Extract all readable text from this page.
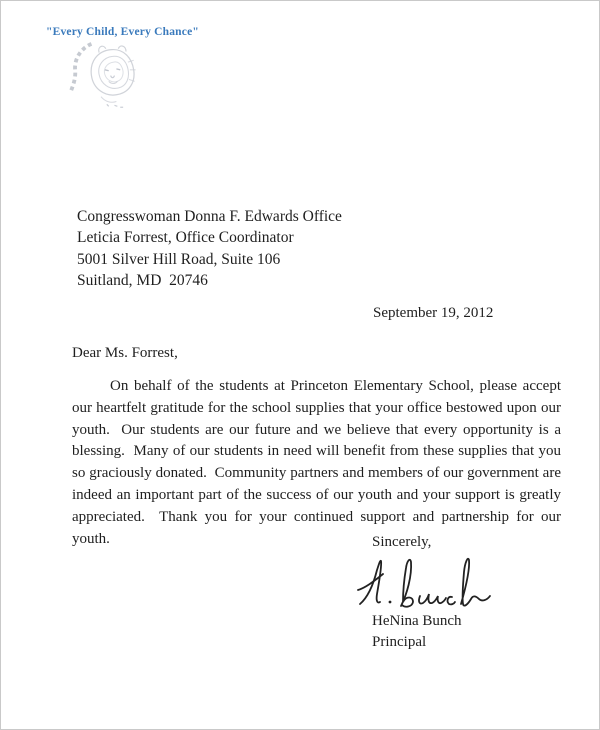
"Every Child, Every Chance"
Congresswoman Donna F. Edwards Office
Leticia Forrest, Office Coordinator
5001 Silver Hill Road, Suite 106
Suitland, MD  20746
September 19, 2012
Dear Ms. Forrest,
On behalf of the students at Princeton Elementary School, please accept our heartfelt gratitude for the school supplies that your office bestowed upon our youth.  Our students are our future and we believe that every opportunity is a blessing.  Many of our students in need will benefit from these supplies that you so graciously donated.  Community partners and members of our government are indeed an important part of the success of our youth and your support is greatly appreciated.  Thank you for your continued support and partnership for our youth.	Sincerely,
HeNina Bunch
Principal
